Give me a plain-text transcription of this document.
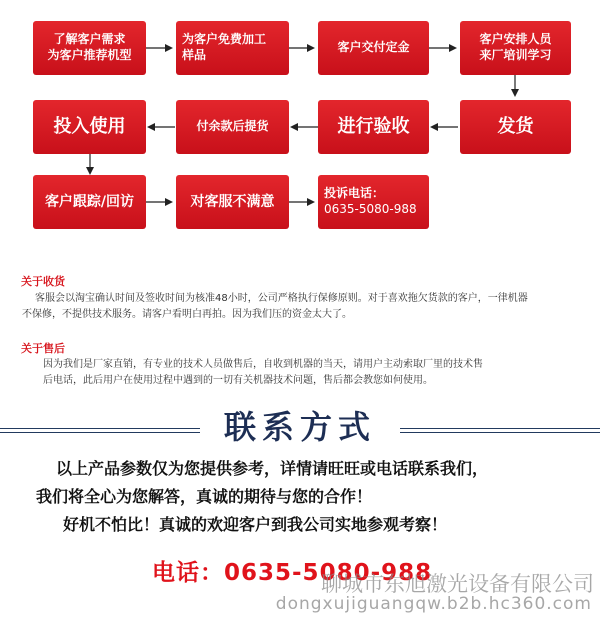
了解客户需求
为客户推荐机型
为客户免费加工
样品
客户交付定金
客户安排人员
来厂培训学习
投入使用	付余款后提货	进行验收	发货
客户跟踪/回访	对客服不满意
投诉电话：
0635-5080-988
关于收货
客服会以淘宝确认时间及签收时间为核准48小时，公司严格执行保修原则。对于喜欢拖欠货款的客户，一律机器
不保修，不提供技术服务。请客户看明白再拍。因为我们压的资金太大了。
关于售后
因为我们是厂家直销，有专业的技术人员做售后，自收到机器的当天，请用户主动索取厂里的技术售
后电话，此后用户在使用过程中遇到的一切有关机器技术问题，售后都会教您如何使用。
联系方式
以上产品参数仅为您提供参考，详情请旺旺或电话联系我们，
我们将全心为您解答，真诚的期待与您的合作！
好机不怕比！真诚的欢迎客户到我公司实地参观考察！
电话：0635-5080-988
聊城市东旭激光设备有限公司
dongxujiguangqw.b2b.hc360.com
